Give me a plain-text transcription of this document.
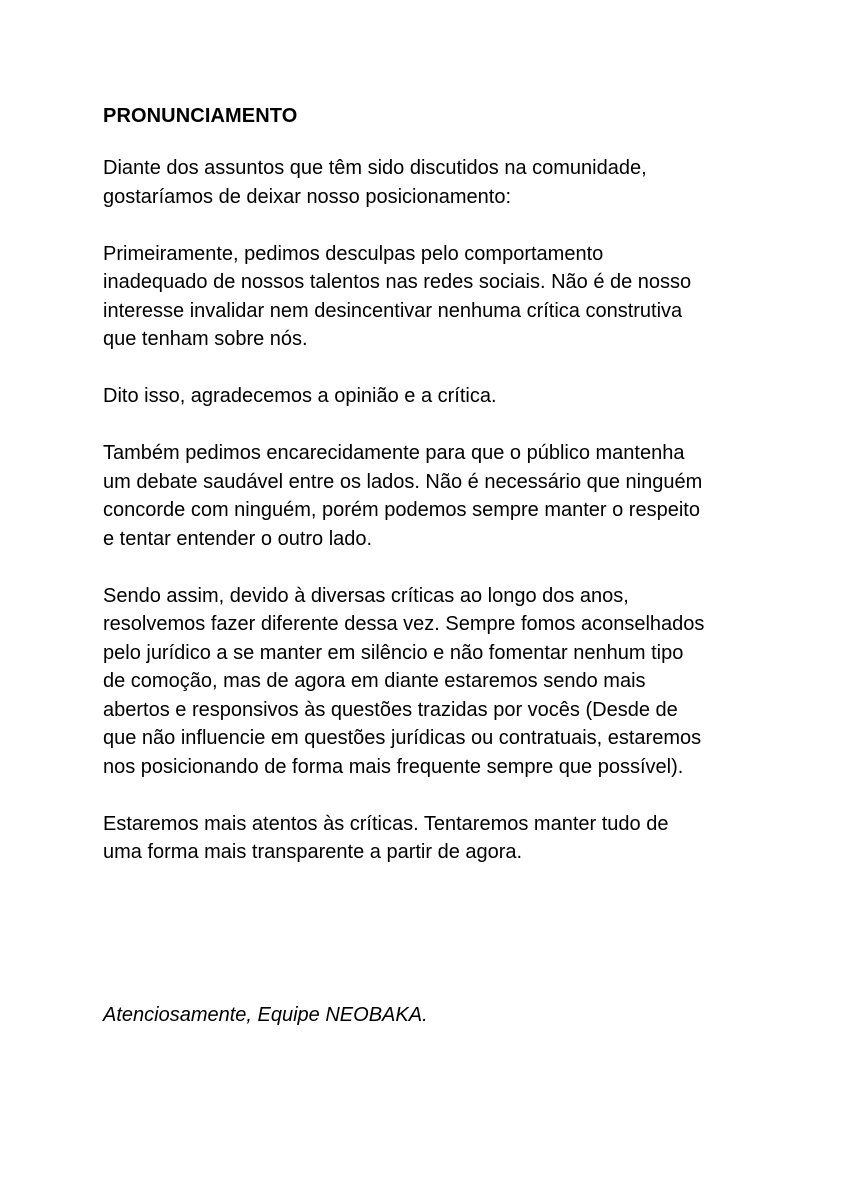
PRONUNCIAMENTO

Diante dos assuntos que têm sido discutidos na comunidade,
gostaríamos de deixar nosso posicionamento:

Primeiramente, pedimos desculpas pelo comportamento
inadequado de nossos talentos nas redes sociais. Não é de nosso
interesse invalidar nem desincentivar nenhuma crítica construtiva
que tenham sobre nós.

Dito isso, agradecemos a opinião e a crítica.

Também pedimos encarecidamente para que o público mantenha
um debate saudável entre os lados. Não é necessário que ninguém
concorde com ninguém, porém podemos sempre manter o respeito
e tentar entender o outro lado.

Sendo assim, devido à diversas críticas ao longo dos anos,
resolvemos fazer diferente dessa vez. Sempre fomos aconselhados
pelo jurídico a se manter em silêncio e não fomentar nenhum tipo
de comoção, mas de agora em diante estaremos sendo mais
abertos e responsivos às questões trazidas por vocês (Desde de
que não influencie em questões jurídicas ou contratuais, estaremos
nos posicionando de forma mais frequente sempre que possível).

Estaremos mais atentos às críticas. Tentaremos manter tudo de
uma forma mais transparente a partir de agora.

Atenciosamente, Equipe NEOBAKA.
